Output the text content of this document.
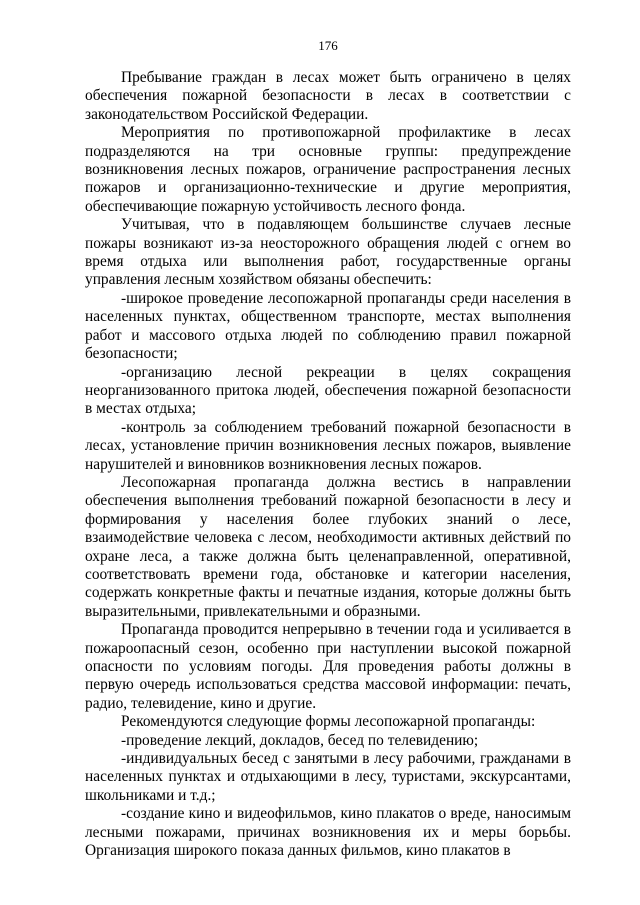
176

Пребывание граждан в лесах может быть ограничено в целях обеспечения пожарной безопасности в лесах в соответствии с законодательством Российской Федерации.

Мероприятия по противопожарной профилактике в лесах подразделяются на три основные группы: предупреждение возникновения лесных пожаров, ограничение распространения лесных пожаров и организационно-технические и другие мероприятия, обеспечивающие пожарную устойчивость лесного фонда.

Учитывая, что в подавляющем большинстве случаев лесные пожары возникают из-за неосторожного обращения людей с огнем во время отдыха или выполнения работ, государственные органы управления лесным хозяйством обязаны обеспечить:

-широкое проведение лесопожарной пропаганды среди населения в населенных пунктах, общественном транспорте, местах выполнения работ и массового отдыха людей по соблюдению правил пожарной безопасности;

-организацию лесной рекреации в целях сокращения неорганизованного притока людей, обеспечения пожарной безопасности в местах отдыха;

-контроль за соблюдением требований пожарной безопасности в лесах, установление причин возникновения лесных пожаров, выявление нарушителей и виновников возникновения лесных пожаров.

Лесопожарная пропаганда должна вестись в направлении обеспечения выполнения требований пожарной безопасности в лесу и формирования у населения более глубоких знаний о лесе, взаимодействие человека с лесом, необходимости активных действий по охране леса, а также должна быть целенаправленной, оперативной, соответствовать времени года, обстановке и категории населения, содержать конкретные факты и печатные издания, которые должны быть выразительными, привлекательными и образными.

Пропаганда проводится непрерывно в течении года и усиливается в пожароопасный сезон, особенно при наступлении высокой пожарной опасности по условиям погоды. Для проведения работы должны в первую очередь использоваться средства массовой информации: печать, радио, телевидение, кино и другие.

Рекомендуются следующие формы лесопожарной пропаганды:

-проведение лекций, докладов, бесед по телевидению;

-индивидуальных бесед с занятыми в лесу рабочими, гражданами в населенных пунктах и отдыхающими в лесу, туристами, экскурсантами, школьниками и т.д.;

-создание кино и видеофильмов, кино плакатов о вреде, наносимым лесными пожарами, причинах возникновения их и меры борьбы. Организация широкого показа данных фильмов, кино плакатов в
